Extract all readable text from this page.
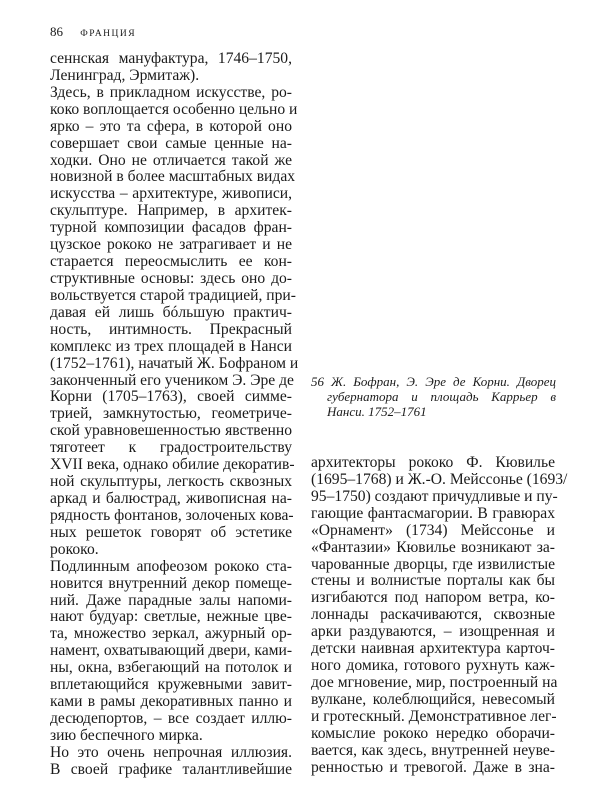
86 ФРАНЦИЯ
сеннская мануфактура, 1746–1750,
Ленинград, Эрмитаж).
Здесь, в прикладном искусстве, ро-
коко воплощается особенно цельно и
ярко – это та сфера, в которой оно
совершает свои самые ценные на-
ходки. Оно не отличается такой же
новизной в более масштабных видах
искусства – архитектуре, живописи,
скульптуре. Например, в архитек-
турной композиции фасадов фран-
цузское рококо не затрагивает и не
старается переосмыслить ее кон-
структивные основы: здесь оно до-
вольствуется старой традицией, при-
давая ей лишь бóльшую практич-
ность, интимность. Прекрасный
комплекс из трех площадей в Нанси
(1752–1761), начатый Ж. Бофраном и
законченный его учеником Э. Эре де
Корни (1705–1763), своей симме-
трией, замкнутостью, геометриче-
ской уравновешенностью явственно
тяготеет к градостроительству
XVII века, однако обилие декоратив-
ной скульптуры, легкость сквозных
аркад и балюстрад, живописная на-
рядность фонтанов, золоченых кова-
ных решеток говорят об эстетике
рококо.
Подлинным апофеозом рококо ста-
новится внутренний декор помеще-
ний. Даже парадные залы напоми-
нают будуар: светлые, нежные цве-
та, множество зеркал, ажурный ор-
намент, охватывающий двери, ками-
ны, окна, взбегающий на потолок и
вплетающийся кружевными завит-
ками в рамы декоративных панно и
десюдепортов, – все создает иллю-
зию беспечного мирка.
Но это очень непрочная иллюзия.
В своей графике талантливейшие
56 Ж. Бофран, Э. Эре де Корни. Дворец
губернатора и площадь Каррьер в
Нанси. 1752–1761
архитекторы рококо Ф. Кювилье
(1695–1768) и Ж.-О. Мейссонье (1693/
95–1750) создают причудливые и пу-
гающие фантасмагории. В гравюрах
«Орнамент» (1734) Мейссонье и
«Фантазии» Кювилье возникают за-
чарованные дворцы, где извилистые
стены и волнистые порталы как бы
изгибаются под напором ветра, ко-
лоннады раскачиваются, сквозные
арки раздуваются, – изощренная и
детски наивная архитектура карточ-
ного домика, готового рухнуть каж-
дое мгновение, мир, построенный на
вулкане, колеблющийся, невесомый
и гротескный. Демонстративное лег-
комыслие рококо нередко оборачи-
вается, как здесь, внутренней неуве-
ренностью и тревогой. Даже в зна-
